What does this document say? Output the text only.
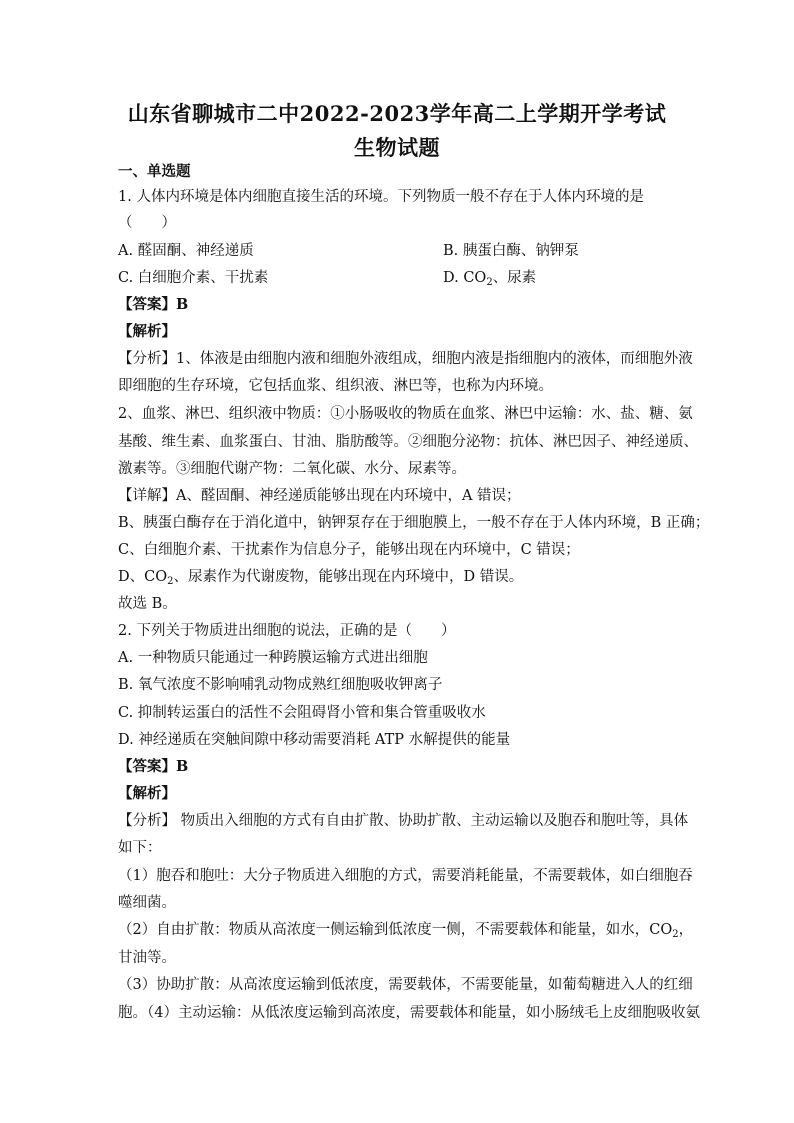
山东省聊城市二中2022-2023学年高二上学期开学考试
生物试题
一、单选题
1. 人体内环境是体内细胞直接生活的环境。下列物质一般不存在于人体内环境的是
（　　）
A. 醛固酮、神经递质	B. 胰蛋白酶、钠钾泵
C. 白细胞介素、干扰素	D. $CO_2$、尿素
【答案】B
【解析】
【分析】1、体液是由细胞内液和细胞外液组成，细胞内液是指细胞内的液体，而细胞外液
即细胞的生存环境，它包括血浆、组织液、淋巴等，也称为内环境。
2、血浆、淋巴、组织液中物质：①小肠吸收的物质在血浆、淋巴中运输：水、盐、糖、氨
基酸、维生素、血浆蛋白、甘油、脂肪酸等。②细胞分泌物：抗体、淋巴因子、神经递质、
激素等。③细胞代谢产物：二氧化碳、水分、尿素等。
【详解】A、醛固酮、神经递质能够出现在内环境中，A 错误；
B、胰蛋白酶存在于消化道中，钠钾泵存在于细胞膜上，一般不存在于人体内环境，B 正确；
C、白细胞介素、干扰素作为信息分子，能够出现在内环境中，C 错误；
D、$CO_2$、尿素作为代谢废物，能够出现在内环境中，D 错误。
故选 B。
2. 下列关于物质进出细胞的说法，正确的是（　　）
A. 一种物质只能通过一种跨膜运输方式进出细胞
B. 氧气浓度不影响哺乳动物成熟红细胞吸收钾离子
C. 抑制转运蛋白的活性不会阻碍肾小管和集合管重吸收水
D. 神经递质在突触间隙中移动需要消耗 ATP 水解提供的能量
【答案】B
【解析】
【分析】 物质出入细胞的方式有自由扩散、协助扩散、主动运输以及胞吞和胞吐等，具体
如下：
（1）胞吞和胞吐：大分子物质进入细胞的方式，需要消耗能量，不需要载体，如白细胞吞
噬细菌。
（2）自由扩散：物质从高浓度一侧运输到低浓度一侧，不需要载体和能量，如水，$CO_2$，
甘油等。
（3）协助扩散：从高浓度运输到低浓度，需要载体，不需要能量，如葡萄糖进入人的红细
胞。（4）主动运输：从低浓度运输到高浓度，需要载体和能量，如小肠绒毛上皮细胞吸收氨
